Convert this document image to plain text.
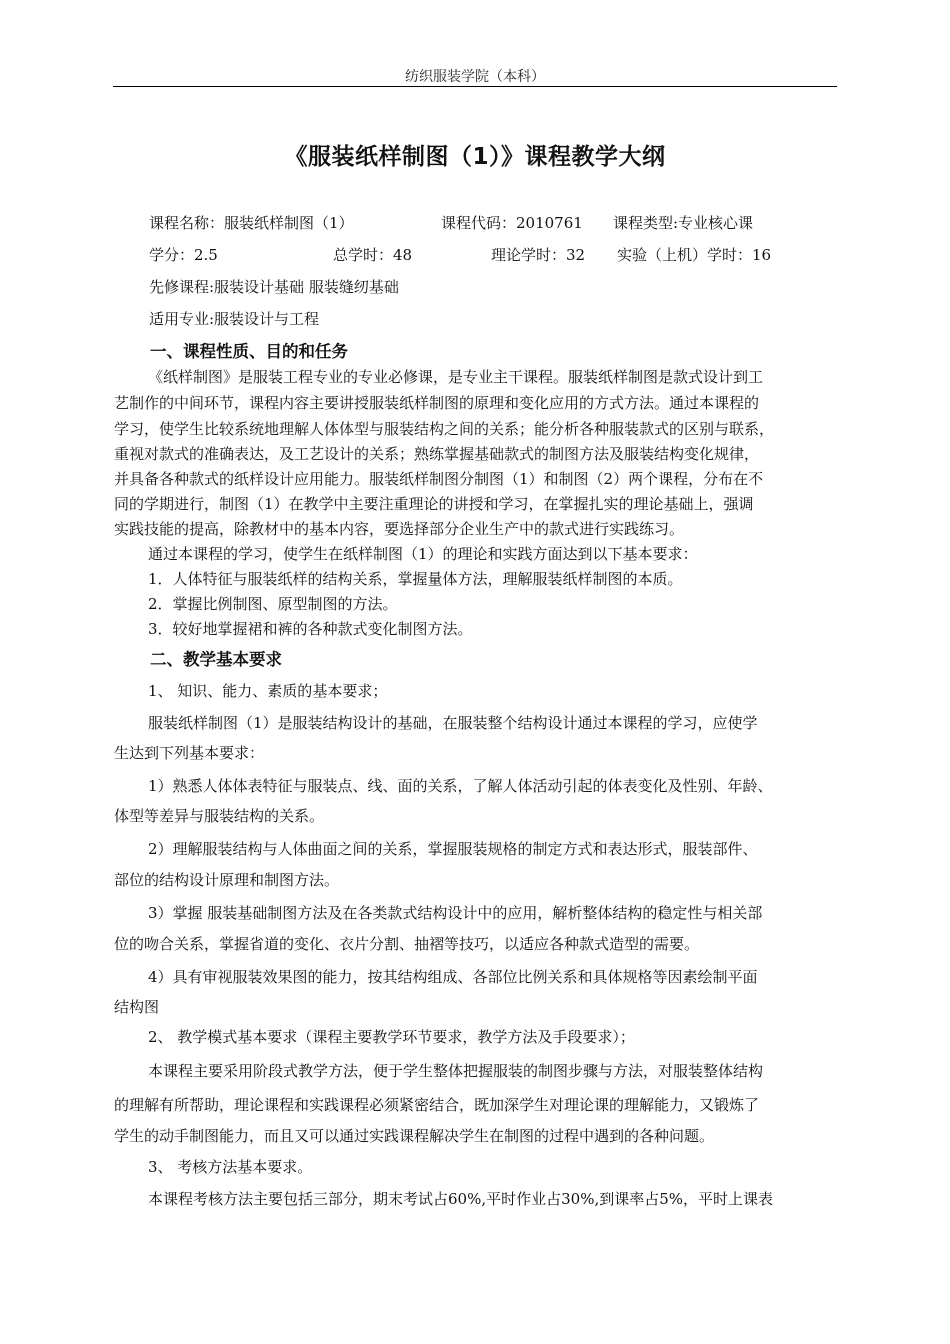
纺织服装学院（本科）
《服装纸样制图（1）》课程教学大纲
课程名称：服装纸样制图（1）	课程代码：2010761 课程类型:专业核心课
学分：2.5	总学时：48	理论学时：32 实验（上机）学时：16
先修课程:服装设计基础 服装缝纫基础
适用专业:服装设计与工程
一、课程性质、目的和任务
《纸样制图》是服装工程专业的专业必修课，是专业主干课程。服装纸样制图是款式设计到工
艺制作的中间环节，课程内容主要讲授服装纸样制图的原理和变化应用的方式方法。通过本课程的
学习，使学生比较系统地理解人体体型与服装结构之间的关系；能分析各种服装款式的区别与联系，
重视对款式的准确表达，及工艺设计的关系；熟练掌握基础款式的制图方法及服装结构变化规律，
并具备各种款式的纸样设计应用能力。服装纸样制图分制图（1）和制图（2）两个课程，分布在不
同的学期进行，制图（1）在教学中主要注重理论的讲授和学习，在掌握扎实的理论基础上，强调
实践技能的提高，除教材中的基本内容，要选择部分企业生产中的款式进行实践练习。
通过本课程的学习，使学生在纸样制图（1）的理论和实践方面达到以下基本要求：
1．人体特征与服装纸样的结构关系，掌握量体方法，理解服装纸样制图的本质。
2．掌握比例制图、原型制图的方法。
3．较好地掌握裙和裤的各种款式变化制图方法。
二、教学基本要求
1、 知识、能力、素质的基本要求；
服装纸样制图（1）是服装结构设计的基础，在服装整个结构设计通过本课程的学习，应使学
生达到下列基本要求：
1）熟悉人体体表特征与服装点、线、面的关系，了解人体活动引起的体表变化及性别、年龄、
体型等差异与服装结构的关系。
2）理解服装结构与人体曲面之间的关系，掌握服装规格的制定方式和表达形式，服装部件、
部位的结构设计原理和制图方法。
3）掌握 服装基础制图方法及在各类款式结构设计中的应用，解析整体结构的稳定性与相关部
位的吻合关系，掌握省道的变化、衣片分割、抽褶等技巧，以适应各种款式造型的需要。
4）具有审视服装效果图的能力，按其结构组成、各部位比例关系和具体规格等因素绘制平面
结构图
2、 教学模式基本要求（课程主要教学环节要求，教学方法及手段要求）；
本课程主要采用阶段式教学方法，便于学生整体把握服装的制图步骤与方法，对服装整体结构
的理解有所帮助，理论课程和实践课程必须紧密结合，既加深学生对理论课的理解能力，又锻炼了
学生的动手制图能力，而且又可以通过实践课程解决学生在制图的过程中遇到的各种问题。
3、 考核方法基本要求。
本课程考核方法主要包括三部分，期末考试占60%,平时作业占30%,到课率占5%，平时上课表
